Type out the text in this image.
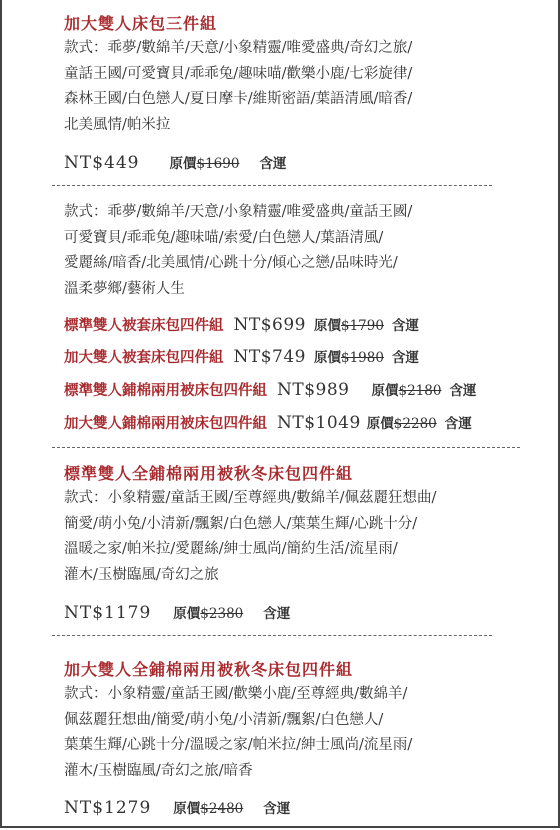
加大雙人床包三件組
款式：乖夢/數綿羊/天意/小象精靈/唯愛盛典/奇幻之旅/
童話王國/可愛寶貝/乖乖兔/趣味喵/歡樂小鹿/七彩旋律/
森林王國/白色戀人/夏日摩卡/維斯密語/葉語清風/暗香/
北美風情/帕米拉
NT$449 原價 $1690 含運
款式：乖夢/數綿羊/天意/小象精靈/唯愛盛典/童話王國/
可愛寶貝/乖乖兔/趣味喵/索愛/白色戀人/葉語清風/
愛麗絲/暗香/北美風情/心跳十分/傾心之戀/品味時光/
溫柔夢鄉/藝術人生
標準雙人被套床包四件組 NT$699 原價 $1790 含運
加大雙人被套床包四件組 NT$749 原價 $1980 含運
標準雙人鋪棉兩用被床包四件組 NT$989 原價 $2180 含運
加大雙人鋪棉兩用被床包四件組 NT$1049 原價 $2280 含運
標準雙人全鋪棉兩用被秋冬床包四件組
款式：小象精靈/童話王國/至尊經典/數綿羊/佩茲麗狂想曲/
簡愛/萌小兔/小清新/飄絮/白色戀人/葉葉生輝/心跳十分/
溫暖之家/帕米拉/愛麗絲/紳士風尚/簡約生活/流星雨/
灌木/玉樹臨風/奇幻之旅
NT$1179 原價 $2380 含運
加大雙人全鋪棉兩用被秋冬床包四件組
款式：小象精靈/童話王國/歡樂小鹿/至尊經典/數綿羊/
佩茲麗狂想曲/簡愛/萌小兔/小清新/飄絮/白色戀人/
葉葉生輝/心跳十分/溫暖之家/帕米拉/紳士風尚/流星雨/
灌木/玉樹臨風/奇幻之旅/暗香
NT$1279 原價 $2480 含運
